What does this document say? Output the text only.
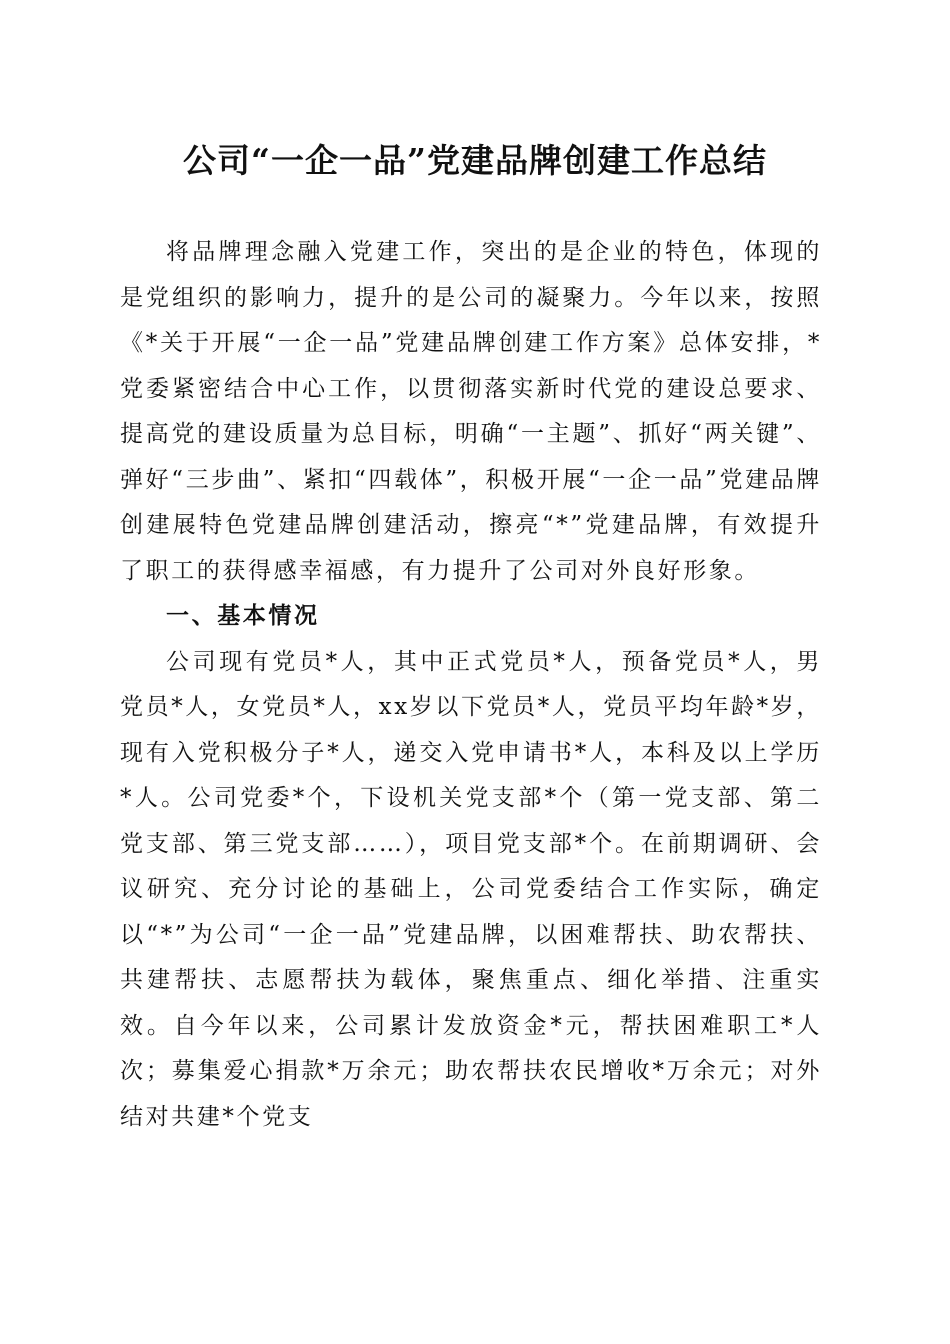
公司“一企一品”党建品牌创建工作总结

将品牌理念融入党建工作，突出的是企业的特色，体现的是党组织的影响力，提升的是公司的凝聚力。今年以来，按照《*关于开展“一企一品”党建品牌创建工作方案》总体安排，*党委紧密结合中心工作，以贯彻落实新时代党的建设总要求、提高党的建设质量为总目标，明确“一主题”、抓好“两关键”、弹好“三步曲”、紧扣“四载体”，积极开展“一企一品”党建品牌创建展特色党建品牌创建活动，擦亮“*”党建品牌，有效提升了职工的获得感幸福感，有力提升了公司对外良好形象。

一、基本情况

公司现有党员*人，其中正式党员*人，预备党员*人，男党员*人，女党员*人，xx岁以下党员*人，党员平均年龄*岁，现有入党积极分子*人，递交入党申请书*人，本科及以上学历*人。公司党委*个，下设机关党支部*个（第一党支部、第二党支部、第三党支部……），项目党支部*个。在前期调研、会议研究、充分讨论的基础上，公司党委结合工作实际，确定以“*”为公司“一企一品”党建品牌，以困难帮扶、助农帮扶、共建帮扶、志愿帮扶为载体，聚焦重点、细化举措、注重实效。自今年以来，公司累计发放资金*元，帮扶困难职工*人次；募集爱心捐款*万余元；助农帮扶农民增收*万余元；对外结对共建*个党支
